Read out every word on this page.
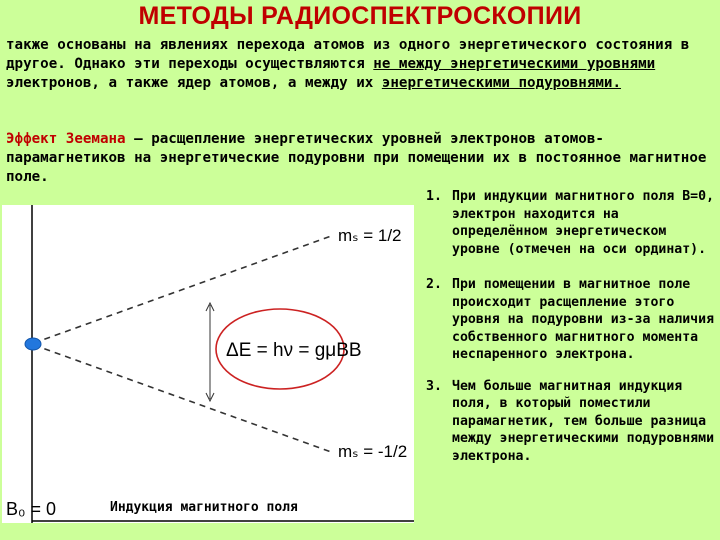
МЕТОДЫ РАДИОСПЕКТРОСКОПИИ
также основаны на явлениях перехода атомов из одного энергетического состояния в другое. Однако эти переходы осуществляются не между энергетическими уровнями электронов, а также ядер атомов, а между их энергетическими подуровнями.
Эффект Зеемана – расщепление энергетических уровней электронов атомов-парамагнетиков на энергетические подуровни при помещении их в постоянное магнитное поле.
ΔE = hν = gμΒB
mₛ = 1/2
mₛ = -1/2
B₀ = 0	Индукция магнитного поля
1. При индукции магнитного поля B=0, электрон находится на определённом энергетическом уровне (отмечен на оси ординат).
2. При помещении в магнитное поле происходит расщепление этого уровня на подуровни из-за наличия собственного магнитного момента неспаренного электрона.
3. Чем больше магнитная индукция поля, в который поместили парамагнетик, тем больше разница между энергетическими подуровнями электрона.
